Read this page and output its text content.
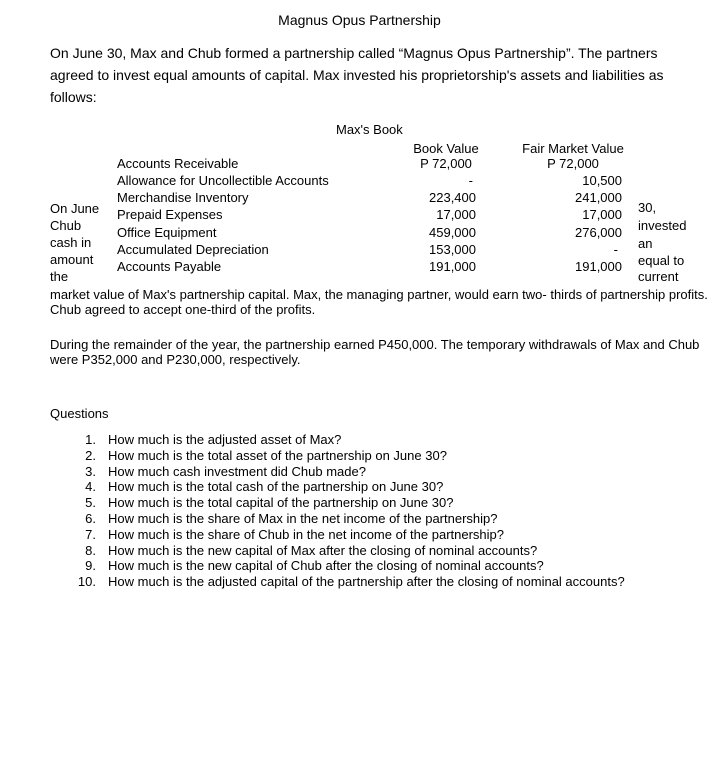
Magnus Opus Partnership
On June 30, Max and Chub formed a partnership called “Magnus Opus Partnership”. The partners
agreed to invest equal amounts of capital. Max invested his proprietorship's assets and liabilities as
follows:
Max's Book
Book Value
P 72,000
Fair Market Value
P 72,000
Accounts Receivable
Allowance for Uncollectible Accounts
Merchandise Inventory
Prepaid Expenses
Office Equipment
Accumulated Depreciation
Accounts Payable
-
223,400
17,000
459,000
153,000
191,000
10,500
241,000
17,000
276,000
-
191,000
On June
Chub
cash in
amount
the
30,
invested
an
equal to
current
market value of Max's partnership capital. Max, the managing partner, would earn two- thirds of partnership profits.
Chub agreed to accept one-third of the profits.
During the remainder of the year, the partnership earned P450,000. The temporary withdrawals of Max and Chub
were P352,000 and P230,000, respectively.
Questions
1. How much is the adjusted asset of Max?
2. How much is the total asset of the partnership on June 30?
3. How much cash investment did Chub made?
4. How much is the total cash of the partnership on June 30?
5. How much is the total capital of the partnership on June 30?
6. How much is the share of Max in the net income of the partnership?
7. How much is the share of Chub in the net income of the partnership?
8. How much is the new capital of Max after the closing of nominal accounts?
9. How much is the new capital of Chub after the closing of nominal accounts?
10. How much is the adjusted capital of the partnership after the closing of nominal accounts?
